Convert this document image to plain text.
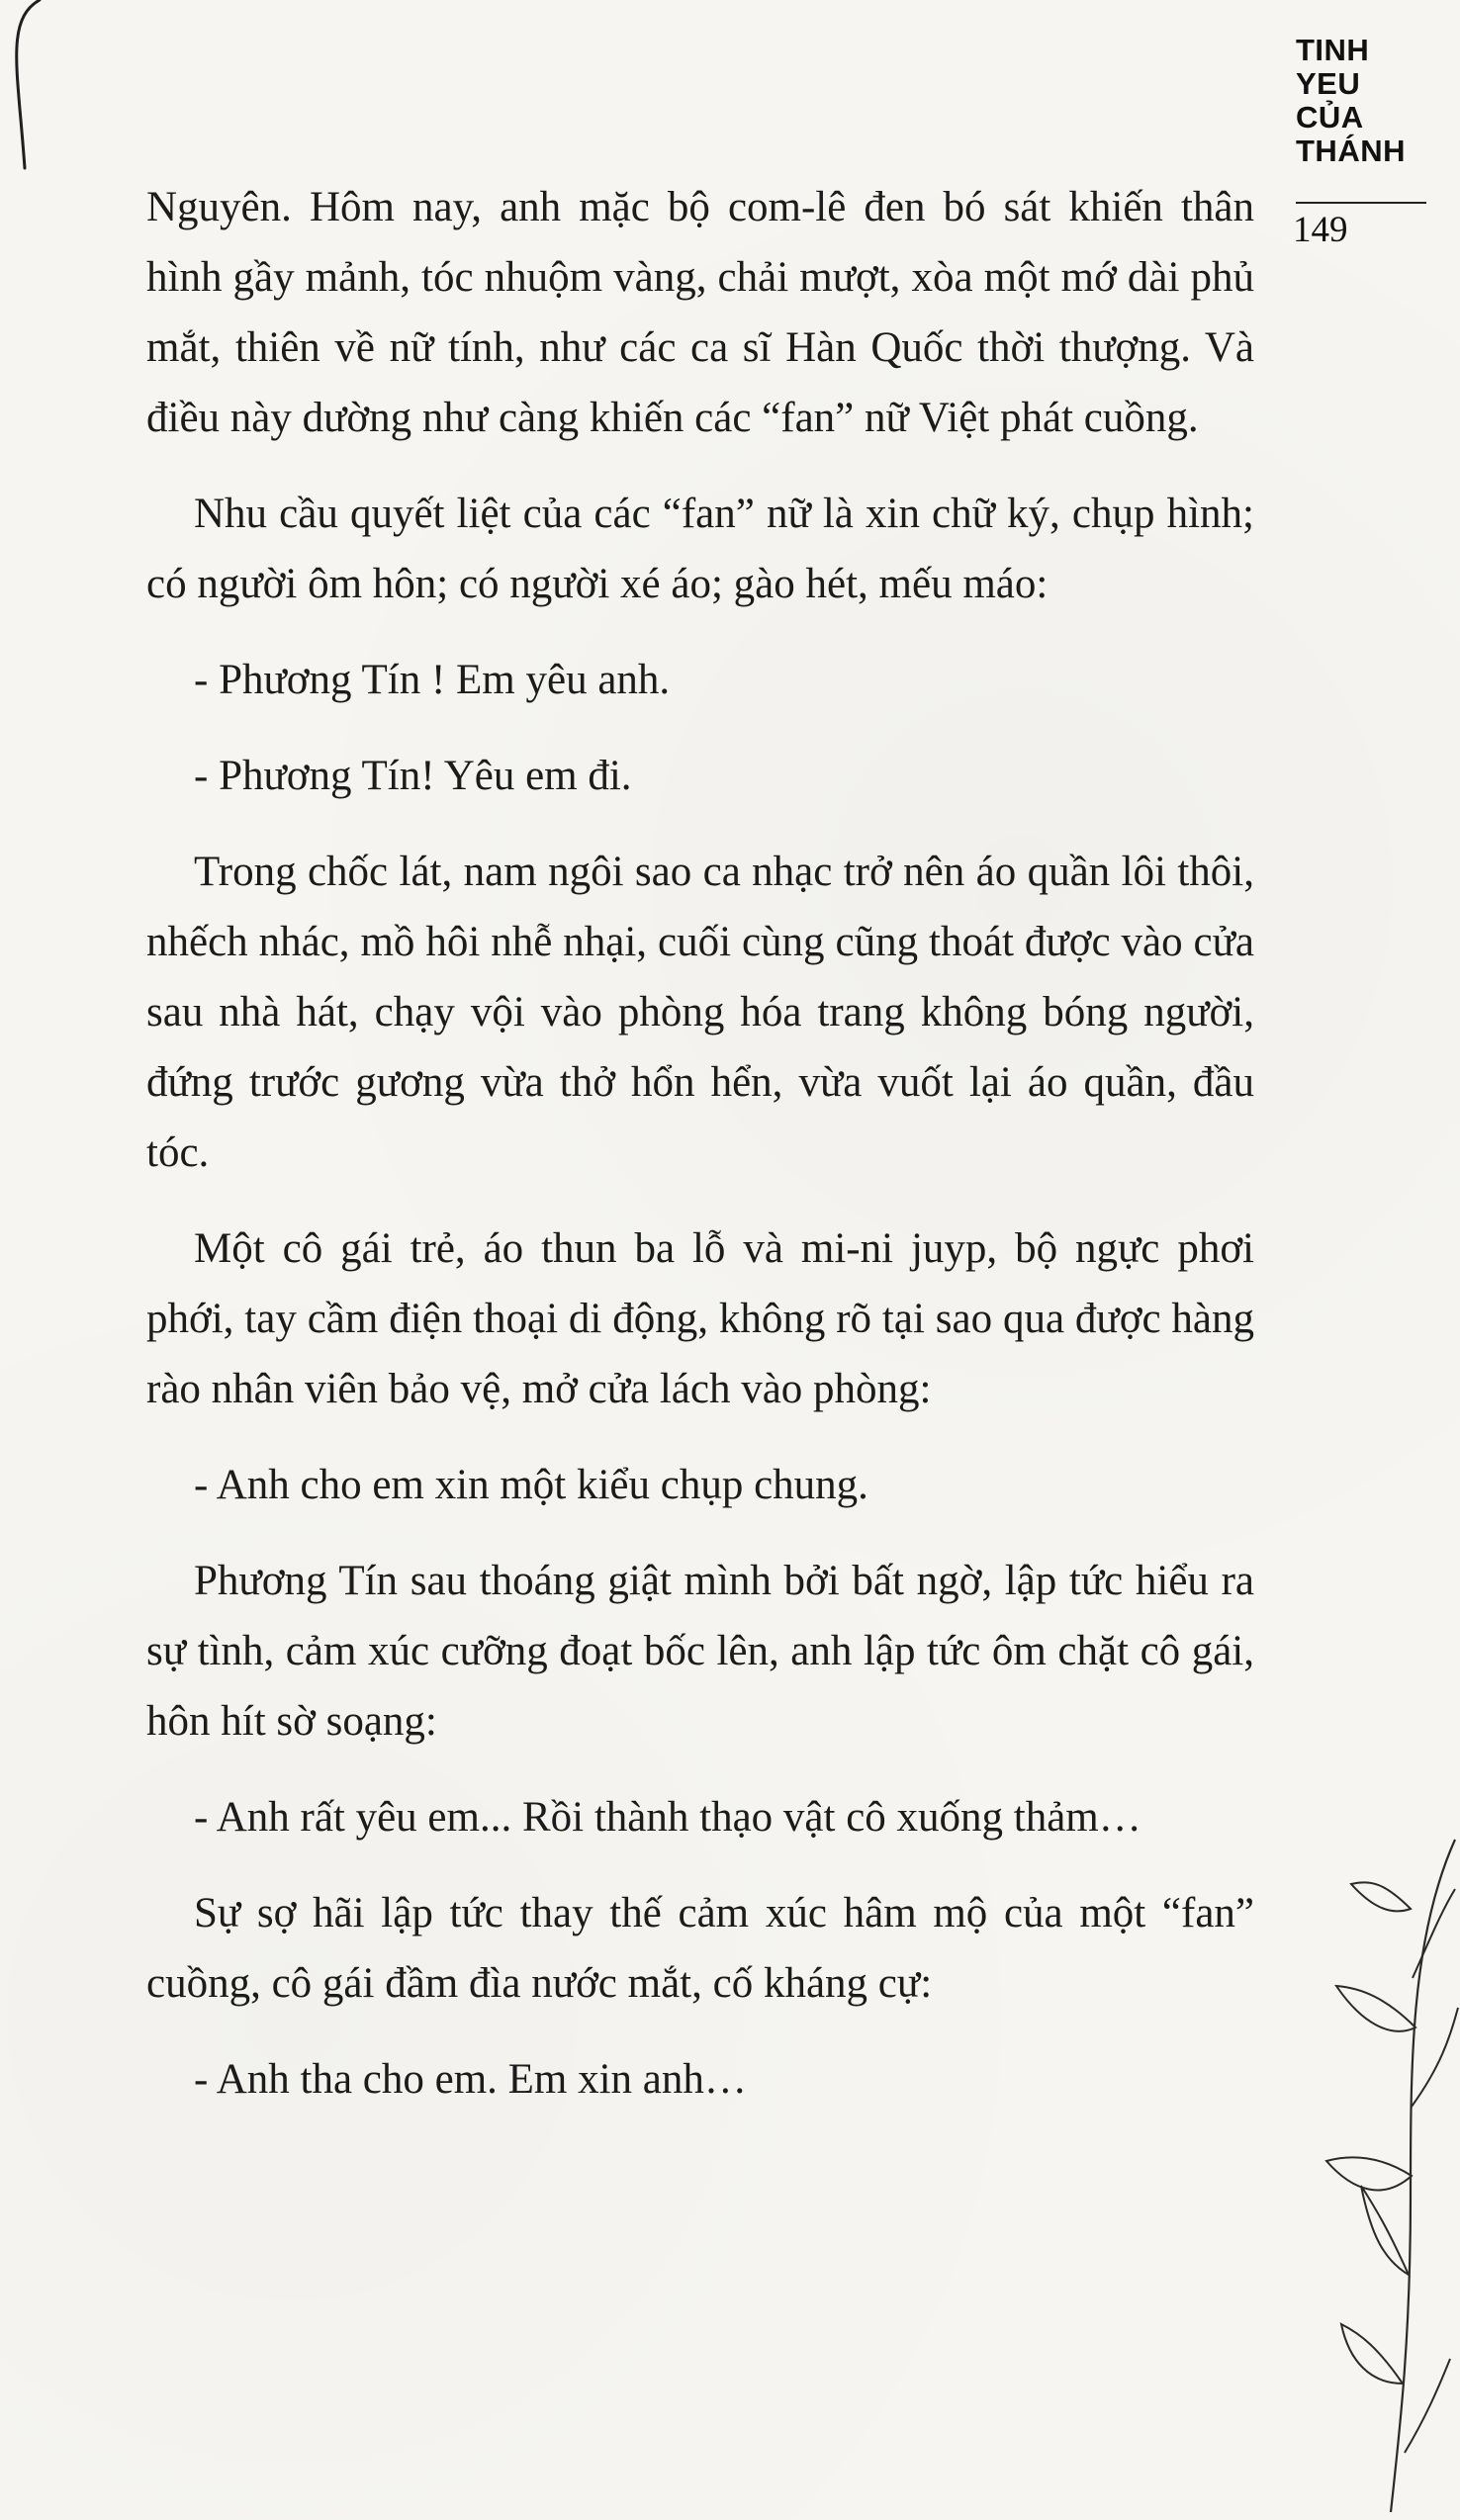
TINH
YEU
CỦA
THÁNH
149

Nguyên. Hôm nay, anh mặc bộ com-lê đen bó sát khiến thân hình gầy mảnh, tóc nhuộm vàng, chải mượt, xòa một mớ dài phủ mắt, thiên về nữ tính, như các ca sĩ Hàn Quốc thời thượng. Và điều này dường như càng khiến các “fan” nữ Việt phát cuồng.

Nhu cầu quyết liệt của các “fan” nữ là xin chữ ký, chụp hình; có người ôm hôn; có người xé áo; gào hét, mếu máo:

- Phương Tín ! Em yêu anh.

- Phương Tín! Yêu em đi.

Trong chốc lát, nam ngôi sao ca nhạc trở nên áo quần lôi thôi, nhếch nhác, mồ hôi nhễ nhại, cuối cùng cũng thoát được vào cửa sau nhà hát, chạy vội vào phòng hóa trang không bóng người, đứng trước gương vừa thở hổn hển, vừa vuốt lại áo quần, đầu tóc.

Một cô gái trẻ, áo thun ba lỗ và mi-ni juyp, bộ ngực phơi phới, tay cầm điện thoại di động, không rõ tại sao qua được hàng rào nhân viên bảo vệ, mở cửa lách vào phòng:

- Anh cho em xin một kiểu chụp chung.

Phương Tín sau thoáng giật mình bởi bất ngờ, lập tức hiểu ra sự tình, cảm xúc cưỡng đoạt bốc lên, anh lập tức ôm chặt cô gái, hôn hít sờ soạng:

- Anh rất yêu em... Rồi thành thạo vật cô xuống thảm…

Sự sợ hãi lập tức thay thế cảm xúc hâm mộ của một “fan” cuồng, cô gái đầm đìa nước mắt, cố kháng cự:

- Anh tha cho em. Em xin anh…
